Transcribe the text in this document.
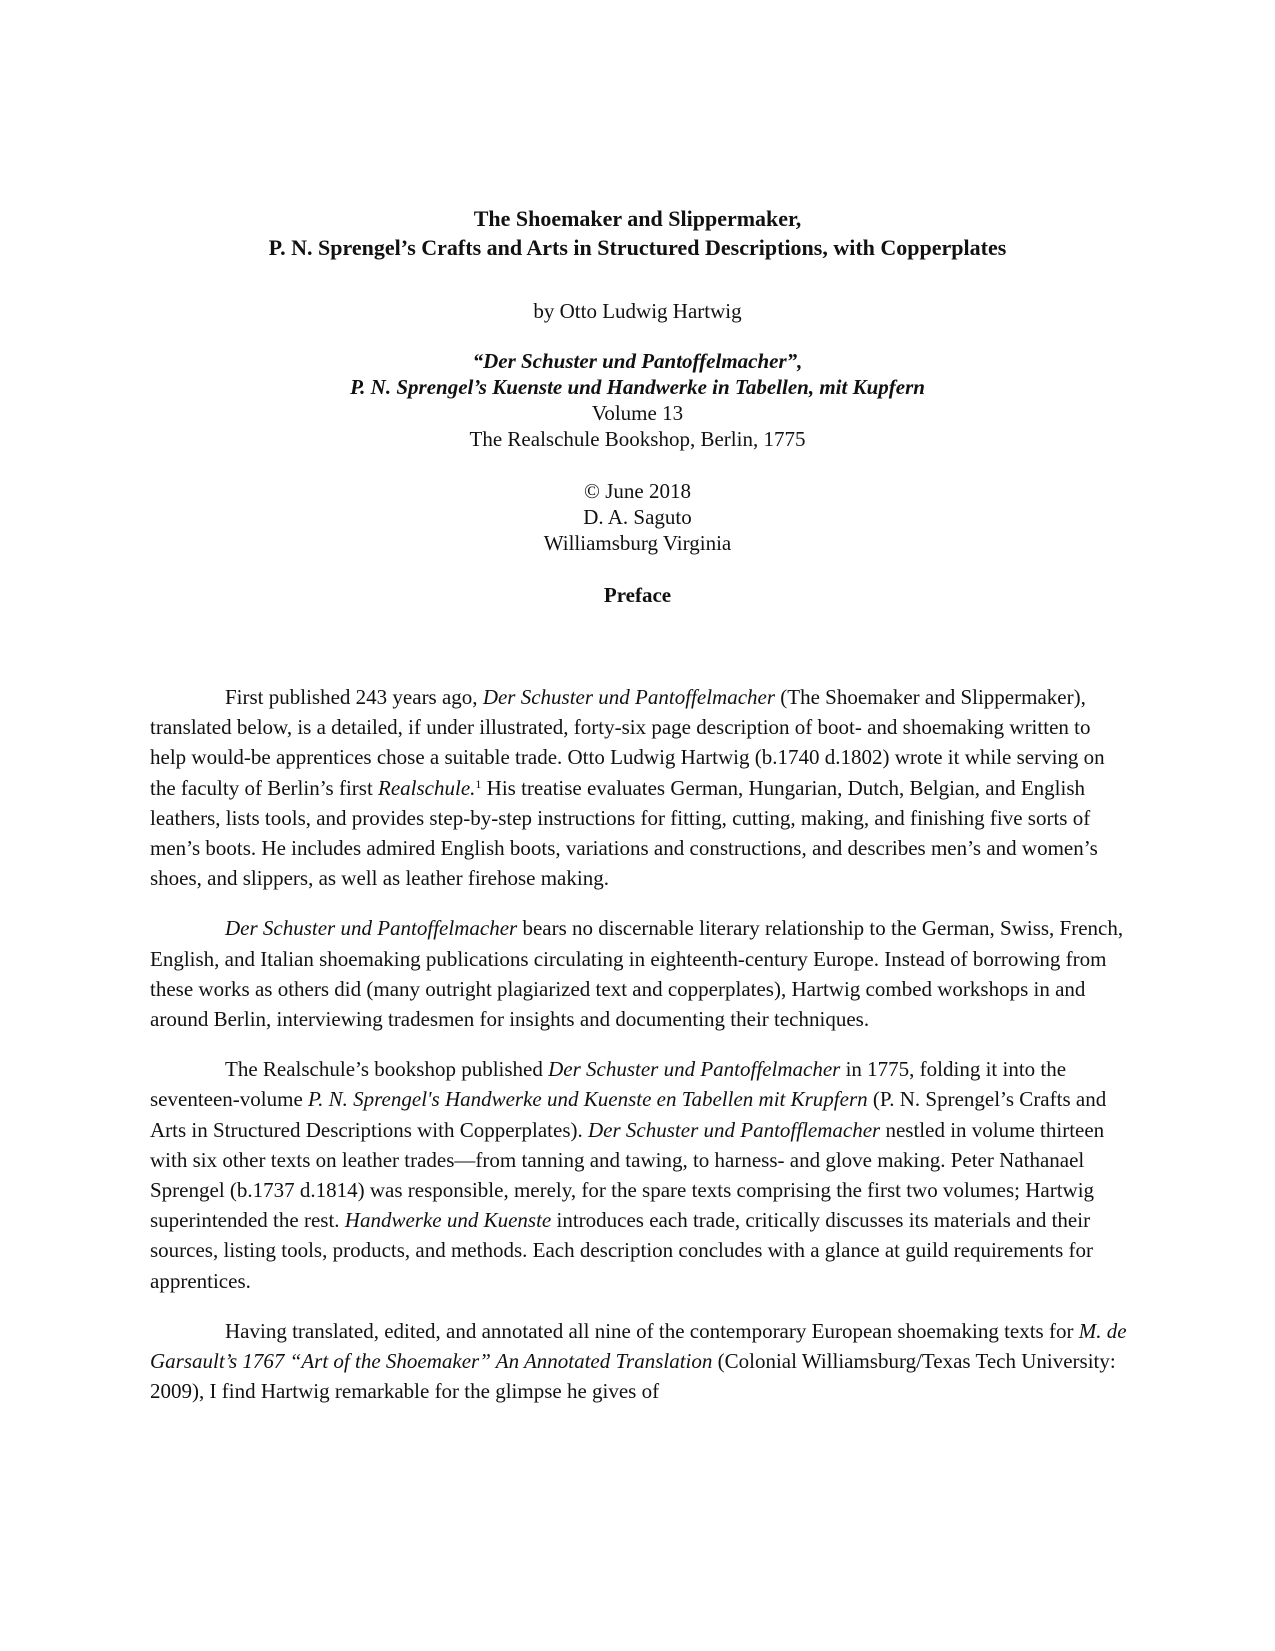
The Shoemaker and Slippermaker,
P. N. Sprengel’s Crafts and Arts in Structured Descriptions, with Copperplates
by Otto Ludwig Hartwig
“Der Schuster und Pantoffelmacher”,
P. N. Sprengel’s Kuenste und Handwerke in Tabellen, mit Kupfern
Volume 13
The Realschule Bookshop, Berlin, 1775
© June 2018
D. A. Saguto
Williamsburg Virginia
Preface

First published 243 years ago, Der Schuster und Pantoffelmacher (The Shoemaker and Slippermaker), translated below, is a detailed, if under illustrated, forty-six page description of boot- and shoemaking written to help would-be apprentices chose a suitable trade. Otto Ludwig Hartwig (b.1740 d.1802) wrote it while serving on the faculty of Berlin’s first Realschule.$^1$ His treatise evaluates German, Hungarian, Dutch, Belgian, and English leathers, lists tools, and provides step-by-step instructions for fitting, cutting, making, and finishing five sorts of men’s boots. He includes admired English boots, variations and constructions, and describes men’s and women’s shoes, and slippers, as well as leather firehose making.

Der Schuster und Pantoffelmacher bears no discernable literary relationship to the German, Swiss, French, English, and Italian shoemaking publications circulating in eighteenth-century Europe. Instead of borrowing from these works as others did (many outright plagiarized text and copperplates), Hartwig combed workshops in and around Berlin, interviewing tradesmen for insights and documenting their techniques.

The Realschule’s bookshop published Der Schuster und Pantoffelmacher in 1775, folding it into the seventeen-volume P. N. Sprengel's Handwerke und Kuenste en Tabellen mit Krupfern (P. N. Sprengel’s Crafts and Arts in Structured Descriptions with Copperplates). Der Schuster und Pantofflemacher nestled in volume thirteen with six other texts on leather trades—from tanning and tawing, to harness- and glove making. Peter Nathanael Sprengel (b.1737 d.1814) was responsible, merely, for the spare texts comprising the first two volumes; Hartwig superintended the rest. Handwerke und Kuenste introduces each trade, critically discusses its materials and their sources, listing tools, products, and methods. Each description concludes with a glance at guild requirements for apprentices.

Having translated, edited, and annotated all nine of the contemporary European shoemaking texts for M. de Garsault’s 1767 “Art of the Shoemaker” An Annotated Translation (Colonial Williamsburg/Texas Tech University: 2009), I find Hartwig remarkable for the glimpse he gives of
